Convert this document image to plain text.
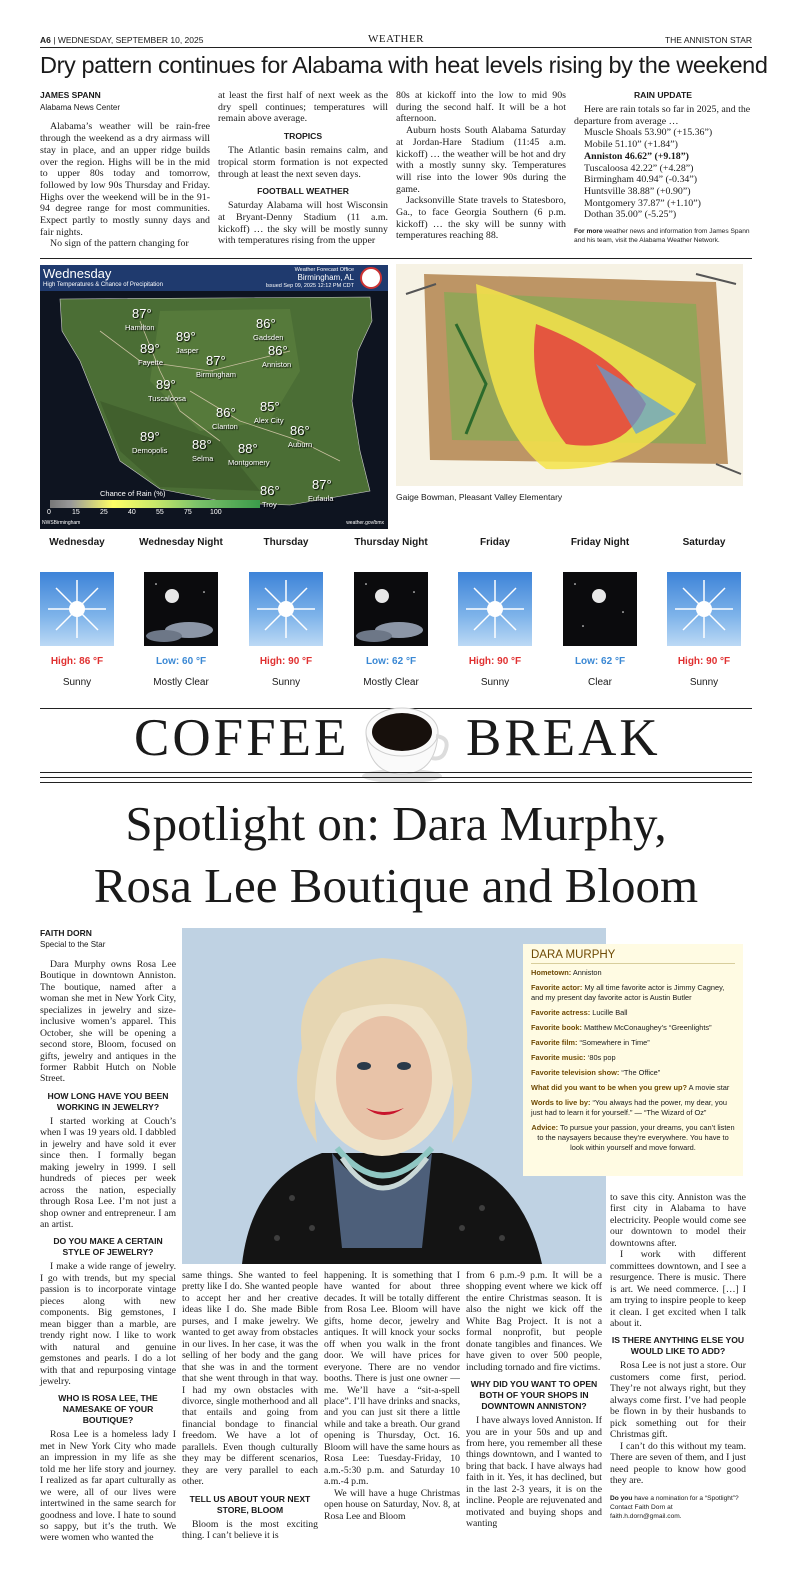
A6 | WEDNESDAY, SEPTEMBER 10, 2025	WEATHER	THE ANNISTON STAR
Dry pattern continues for Alabama with heat levels rising by the weekend
JAMES SPANN
Alabama News Center

Alabama’s weather will be rain-free through the weekend as a dry airmass will stay in place, and an upper ridge builds over the region. Highs will be in the mid to upper 80s today and tomorrow, followed by low 90s Thursday and Friday. Highs over the weekend will be in the 91-94 degree range for most communities. Expect partly to mostly sunny days and fair nights.

No sign of the pattern changing for

at least the first half of next week as the dry spell continues; temperatures will remain above average.
TROPICS

The Atlantic basin remains calm, and tropical storm formation is not expected through at least the next seven days.

FOOTBALL WEATHER

Saturday Alabama will host Wisconsin at Bryant-Denny Stadium (11 a.m. kickoff) … the sky will be mostly sunny with temperatures rising from the upper

80s at kickoff into the low to mid 90s during the second half. It will be a hot afternoon.

Auburn hosts South Alabama Saturday at Jordan-Hare Stadium (11:45 a.m. kickoff) … the weather will be hot and dry with a mostly sunny sky. Temperatures will rise into the lower 90s during the game.

Jacksonville State travels to Statesboro, Ga., to face Georgia Southern (6 p.m. kickoff) … the sky will be sunny with temperatures reaching 88.

RAIN UPDATE

Here are rain totals so far in 2025, and the departure from average …

Muscle Shoals 53.90” (+15.36”)
Mobile 51.10” (+1.84”)
Anniston 46.62” (+9.18”)
Tuscaloosa 42.22” (+4.28”)
Birmingham 40.94” (-0.34”)
Huntsville 38.88” (+0.90”)
Montgomery 37.87” (+1.10”)
Dothan 35.00” (-5.25”)
For more weather news and information from James Spann and his team, visit the Alabama Weather Network.
Wednesday
High Temperatures & Chance of Precipitation
Weather Forecast Office
Birmingham, AL
Issued Sep 09, 2025 12:12 PM CDT
87°
Hamilton
89°
Jasper
89°
Fayette	87°
Birmingham
86°
Gadsden
86°
Anniston
89°
Tuscaloosa
86°
Clanton
85°
Alex City
86°
Auburn
89°
Demopolis 88°
Selma
88°
Montgomery
86°
Troy
87°
Eufaula
Chance of Rain (%)
0	15	25	40	55	75	100
NWSBirmingham	weather.gov/bmx
Gaige Bowman, Pleasant Valley Elementary
Wednesday
High: 86 °F
Sunny
Wednesday Night
Low: 60 °F
Mostly Clear
Thursday
High: 90 °F
Sunny
Thursday Night
Low: 62 °F
Mostly Clear
Friday
High: 90 °F
Sunny
Friday Night
Low: 62 °F
Clear
Saturday
High: 90 °F
Sunny
COFFEE BREAK
Spotlight on: Dara Murphy,
Rosa Lee Boutique and Bloom
DARA MURPHY

Hometown: Anniston

Favorite actor: My all time favorite actor is Jimmy Cagney, and my present day favorite actor is Austin Butler

Favorite actress: Lucille Ball

Favorite book: Matthew McConaughey’s “Greenlights”

Favorite film: “Somewhere in Time”

Favorite music: ‘80s pop

Favorite television show: “The Office”

What did you want to be when you grew up? A movie star

Words to live by: “You always had the power, my dear, you just had to learn it for yourself.” — “The Wizard of Oz”

Advice: To pursue your passion, your dreams, you can’t listen to the naysayers because they’re everywhere. You have to look within yourself and move forward.

FAITH DORN
Special to the Star

Dara Murphy owns Rosa Lee Boutique in downtown Anniston. The boutique, named after a woman she met in New York City, specializes in jewelry and size-inclusive women’s apparel. This October, she will be opening a second store, Bloom, focused on gifts, jewelry and antiques in the former Rabbit Hutch on Noble Street.

HOW LONG HAVE YOU BEEN WORKING IN JEWELRY?

I started working at Couch’s when I was 19 years old. I dabbled in jewelry and have sold it ever since then. I formally began making jewelry in 1999. I sell hundreds of pieces per week across the nation, especially through Rosa Lee. I’m not just a shop owner and entrepreneur. I am an artist.

DO YOU MAKE A CERTAIN STYLE OF JEWELRY?

I make a wide range of jewelry. I go with trends, but my special passion is to incorporate vintage pieces along with new components. Big gemstones, I mean bigger than a marble, are trendy right now. I like to work with natural and genuine gemstones and pearls. I do a lot with that and repurposing vintage jewelry.

WHO IS ROSA LEE, THE NAMESAKE OF YOUR BOUTIQUE?

Rosa Lee is a homeless lady I met in New York City who made an impression in my life as she told me her life story and journey. I realized as far apart culturally as we were, all of our lives were intertwined in the same search for goodness and love. I hate to sound so sappy, but it’s the truth. We were women who wanted the

same things. She wanted to feel pretty like I do. She wanted people to accept her and her creative ideas like I do. She made Bible purses, and I make jewelry. We wanted to get away from obstacles in our lives. In her case, it was the selling of her body and the gang that she was in and the torment that she went through in that way. I had my own obstacles with divorce, single motherhood and all that entails and going from financial bondage to financial freedom. We have a lot of parallels. Even though culturally they may be different scenarios, they are very parallel to each other.
TELL US ABOUT YOUR NEXT STORE, BLOOM

Bloom is the most exciting thing. I can’t believe it is

happening. It is something that I have wanted for about three decades. It will be totally different from Rosa Lee. Bloom will have gifts, home decor, jewelry and antiques. It will knock your socks off when you walk in the front door. We will have prices for everyone. There are no vendor booths. There is just one owner — me. We’ll have a “sit-a-spell place”. I’ll have drinks and snacks, and you can just sit there a little while and take a breath. Our grand opening is Thursday, Oct. 16. Bloom will have the same hours as Rosa Lee: Tuesday-Friday, 10 a.m.-5:30 p.m. and Saturday 10 a.m.-4 p.m.

We will have a huge Christmas open house on Saturday, Nov. 8, at Rosa Lee and Bloom

from 6 p.m.-9 p.m. It will be a shopping event where we kick off the entire Christmas season. It is also the night we kick off the White Bag Project. It is not a formal nonprofit, but people donate tangibles and finances. We have given to over 500 people, including tornado and fire victims.
WHY DID YOU WANT TO OPEN BOTH OF YOUR SHOPS IN DOWNTOWN ANNISTON?

I have always loved Anniston. If you are in your 50s and up and from here, you remember all these things downtown, and I wanted to bring that back. I have always had faith in it. Yes, it has declined, but in the last 2-3 years, it is on the incline. People are rejuvenated and motivated and buying shops and wanting

to save this city. Anniston was the first city in Alabama to have electricity. People would come see our downtown to model their downtowns after.

I work with different committees downtown, and I see a resurgence. There is music. There is art. We need commerce. […] I am trying to inspire people to keep it clean. I get excited when I talk about it.

IS THERE ANYTHING ELSE YOU WOULD LIKE TO ADD?

Rosa Lee is not just a store. Our customers come first, period. They’re not always right, but they always come first. I’ve had people be flown in by their husbands to pick something out for their Christmas gift.

I can’t do this without my team. There are seven of them, and I just need people to know how good they are.

Do you have a nomination for a “Spotlight”? Contact Faith Dorn at faith.h.dorn@gmail.com.
